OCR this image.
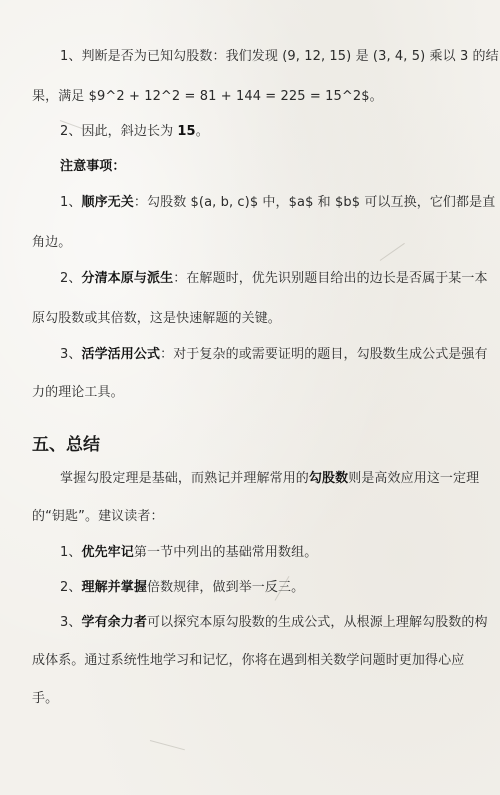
1、判断是否为已知勾股数：我们发现 (9, 12, 15) 是 (3, 4, 5) 乘以 3 的结
果，满足 $9^2 + 12^2 = 81 + 144 = 225 = 15^2$。
2、因此，斜边长为 15。
注意事项：
1、顺序无关：勾股数 $(a, b, c)$ 中，$a$ 和 $b$ 可以互换，它们都是直
角边。
2、分清本原与派生：在解题时，优先识别题目给出的边长是否属于某一本
原勾股数或其倍数，这是快速解题的关键。
3、活学活用公式：对于复杂的或需要证明的题目，勾股数生成公式是强有
力的理论工具。
五、总结
掌握勾股定理是基础，而熟记并理解常用的勾股数则是高效应用这一定理
的“钥匙”。建议读者：
1、优先牢记第一节中列出的基础常用数组。
2、理解并掌握倍数规律，做到举一反三。
3、学有余力者可以探究本原勾股数的生成公式，从根源上理解勾股数的构
成体系。通过系统性地学习和记忆，你将在遇到相关数学问题时更加得心应
手。
